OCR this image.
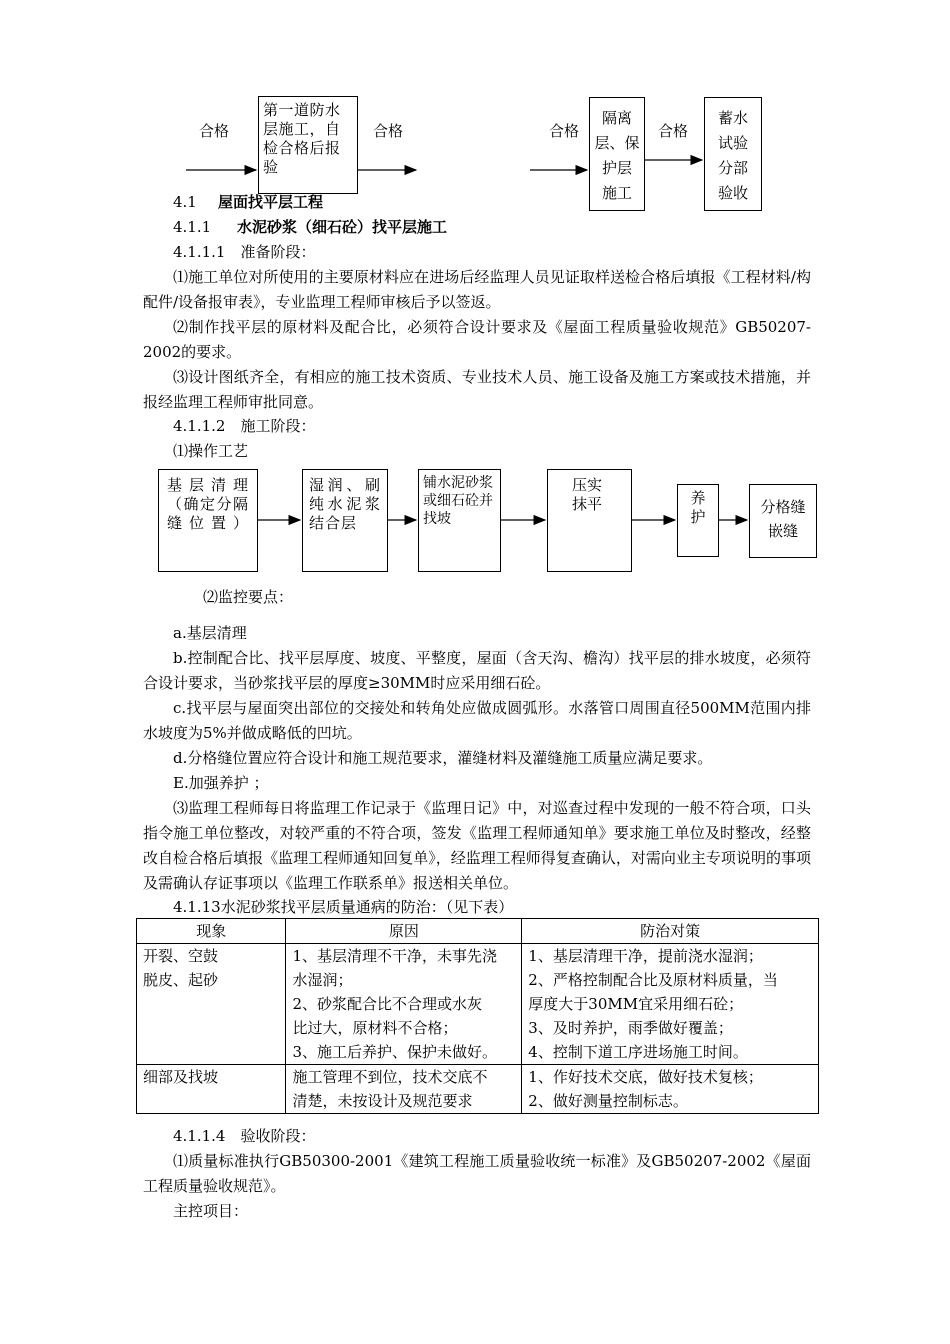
合格
第一道防水层施工，自检合格后报验
合格	合格
隔离
层、保
护层
施工
合格
蓄水
试验
分部
验收
4.1 屋面找平层工程
4.1.1 水泥砂浆（细石砼）找平层施工
4.1.1.1　准备阶段：
⑴施工单位对所使用的主要原材料应在进场后经监理人员见证取样送检合格后填报《工程材料/构配件/设备报审表》，专业监理工程师审核后予以签返。
⑵制作找平层的原材料及配合比，必须符合设计要求及《屋面工程质量验收规范》GB50207-2002的要求。
⑶设计图纸齐全，有相应的施工技术资质、专业技术人员、施工设备及施工方案或技术措施，并报经监理工程师审批同意。
4.1.1.2　施工阶段：
⑴操作工艺
基层清理（确定分隔缝位置）
湿润、刷纯水泥浆结合层
铺水泥砂浆或细石砼并找坡
压实
抹平	养
护
分格缝
嵌缝
⑵监控要点：
a.基层清理
b.控制配合比、找平层厚度、坡度、平整度，屋面（含天沟、檐沟）找平层的排水坡度，必须符合设计要求，当砂浆找平层的厚度≥30MM时应采用细石砼。
c.找平层与屋面突出部位的交接处和转角处应做成圆弧形。水落管口周围直径500MM范围内排水坡度为5%并做成略低的凹坑。
d.分格缝位置应符合设计和施工规范要求，灌缝材料及灌缝施工质量应满足要求。
E.加强养护 ；
⑶监理工程师每日将监理工作记录于《监理日记》中，对巡查过程中发现的一般不符合项，口头指令施工单位整改，对较严重的不符合项，签发《监理工程师通知单》要求施工单位及时整改，经整改自检合格后填报《监理工程师通知回复单》，经监理工程师得复查确认，对需向业主专项说明的事项及需确认存证事项以《监理工作联系单》报送相关单位。
4.1.13水泥砂浆找平层质量通病的防治：（见下表）
现象	原因	防治对策

开裂、空鼓
脱皮、起砂	1、基层清理不干净，未事先浇
水湿润；
2、砂浆配合比不合理或水灰
比过大，原材料不合格；
3、施工后养护、保护未做好。	1、基层清理干净，提前浇水湿润；
2、严格控制配合比及原材料质量，当
厚度大于30MM宜采用细石砼；
3、及时养护，雨季做好覆盖；
4、控制下道工序进场施工时间。

细部及找坡	施工管理不到位，技术交底不
清楚，未按设计及规范要求	1、作好技术交底，做好技术复核；
2、做好测量控制标志。
4.1.1.4　验收阶段：
⑴质量标准执行GB50300-2001《建筑工程施工质量验收统一标准》及GB50207-2002《屋面工程质量验收规范》。
主控项目：
